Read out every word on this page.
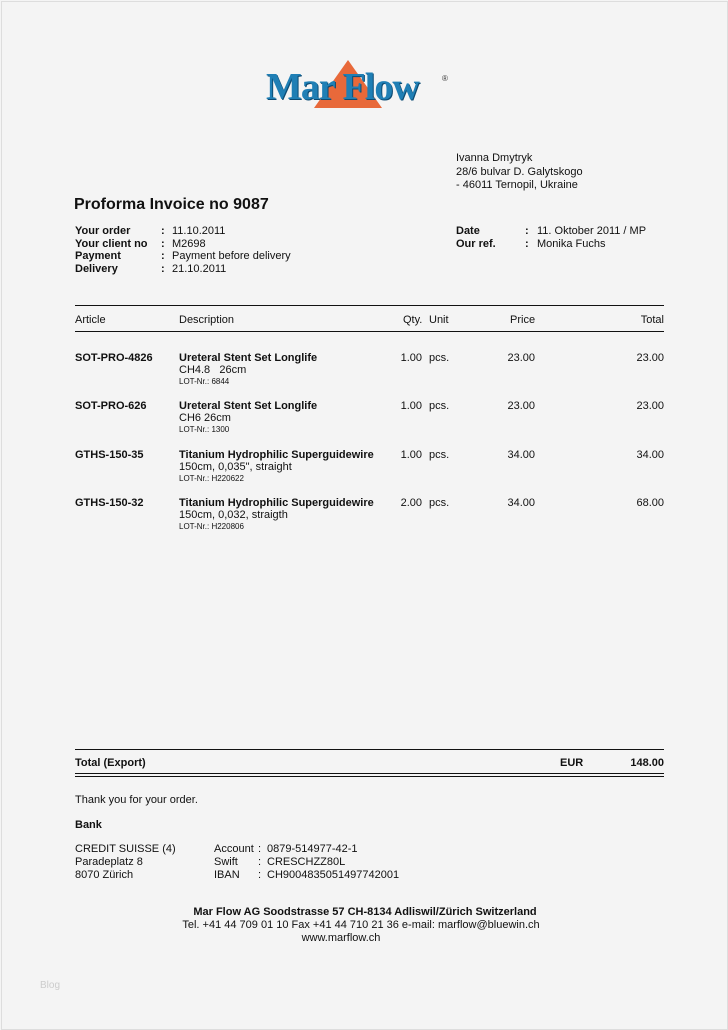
Mar Flow	®
Ivanna Dmytryk
28/6 bulvar D. Galytskogo
- 46011 Ternopil, Ukraine
Proforma Invoice no 9087
Your order	: 11.10.2011
Your client no : M2698
Payment	: Payment before delivery
Delivery	: 21.10.2011
Date	: 11. Oktober 2011 / MP
Our ref.	: Monika Fuchs
Article	Description	Qty. Unit	Price	Total
SOT-PRO-4826 Ureteral Stent Set Longlife
CH4.8   26cm
LOT-Nr.: 6844
1.00 pcs.	23.00	23.00
SOT-PRO-626	Ureteral Stent Set Longlife
CH6 26cm
LOT-Nr.: 1300
1.00 pcs.	23.00	23.00
GTHS-150-35	Titanium Hydrophilic Superguidewire
150cm, 0,035", straight
LOT-Nr.: H220622
1.00 pcs.	34.00	34.00
GTHS-150-32	Titanium Hydrophilic Superguidewire
150cm, 0,032, straigth
LOT-Nr.: H220806
2.00 pcs.	34.00	68.00
Total (Export)	EUR	148.00
Thank you for your order.
Bank
CREDIT SUISSE (4)
Paradeplatz 8
8070 Zürich
Account : 0879-514977-42-1
Swift : CRESCHZZ80L
IBAN : CH9004835051497742001
Mar Flow AG Soodstrasse 57 CH-8134 Adliswil/Zürich Switzerland
Tel. +41 44 709 01 10 Fax +41 44 710 21 36 e-mail: marflow@bluewin.ch
www.marflow.ch
Blog
